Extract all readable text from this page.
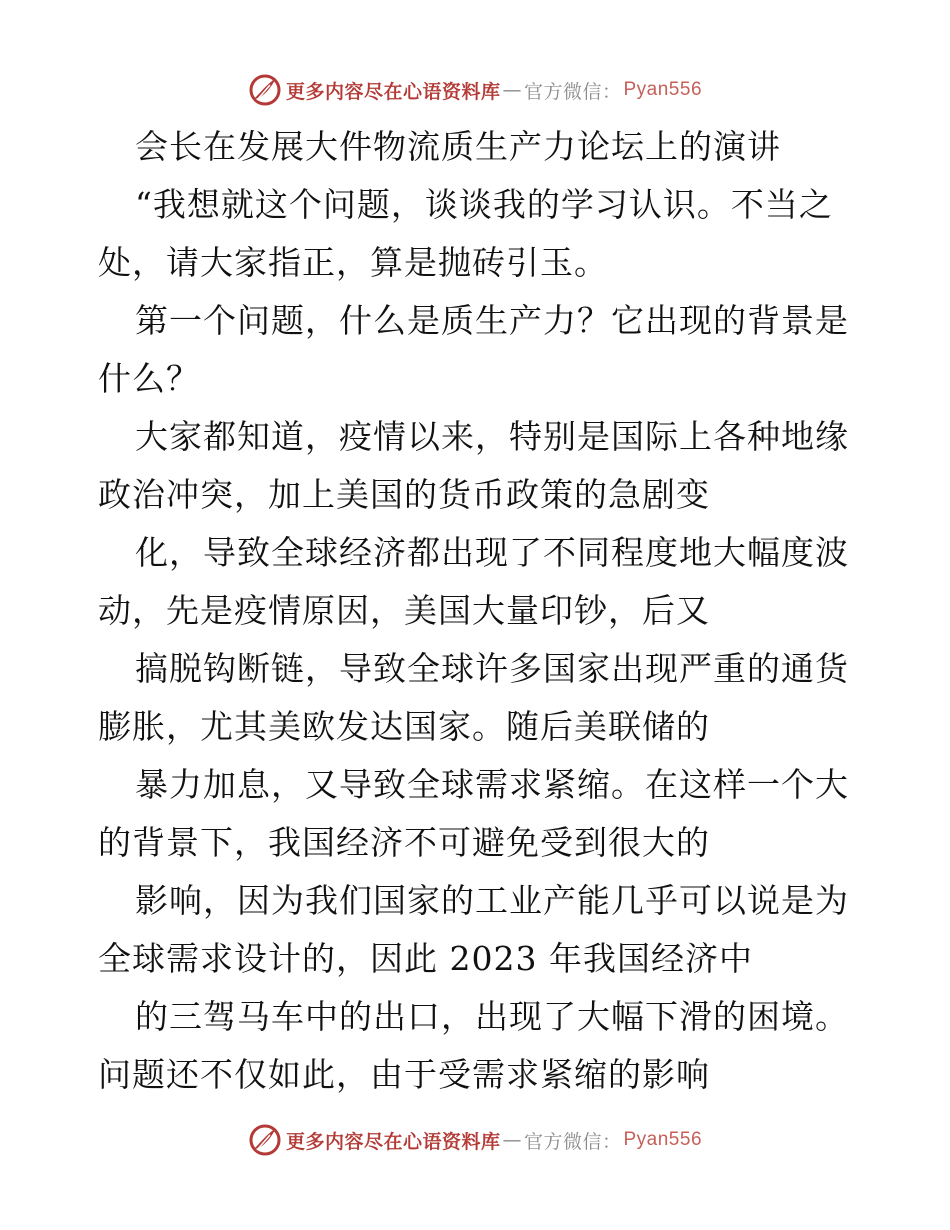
更多内容尽在心语资料库 — 官方微信： Pyan556
会长在发展大件物流质生产力论坛上的演讲
“我想就这个问题，谈谈我的学习认识。不当之
处，请大家指正，算是抛砖引玉。
第一个问题，什么是质生产力？它出现的背景是
什么？
大家都知道，疫情以来，特别是国际上各种地缘
政治冲突，加上美国的货币政策的急剧变
化，导致全球经济都出现了不同程度地大幅度波
动，先是疫情原因，美国大量印钞，后又
搞脱钩断链，导致全球许多国家出现严重的通货
膨胀，尤其美欧发达国家。随后美联储的
暴力加息，又导致全球需求紧缩。在这样一个大
的背景下，我国经济不可避免受到很大的
影响，因为我们国家的工业产能几乎可以说是为
全球需求设计的，因此 2023 年我国经济中
的三驾马车中的出口，出现了大幅下滑的困境。
问题还不仅如此，由于受需求紧缩的影响
更多内容尽在心语资料库 — 官方微信： Pyan556
